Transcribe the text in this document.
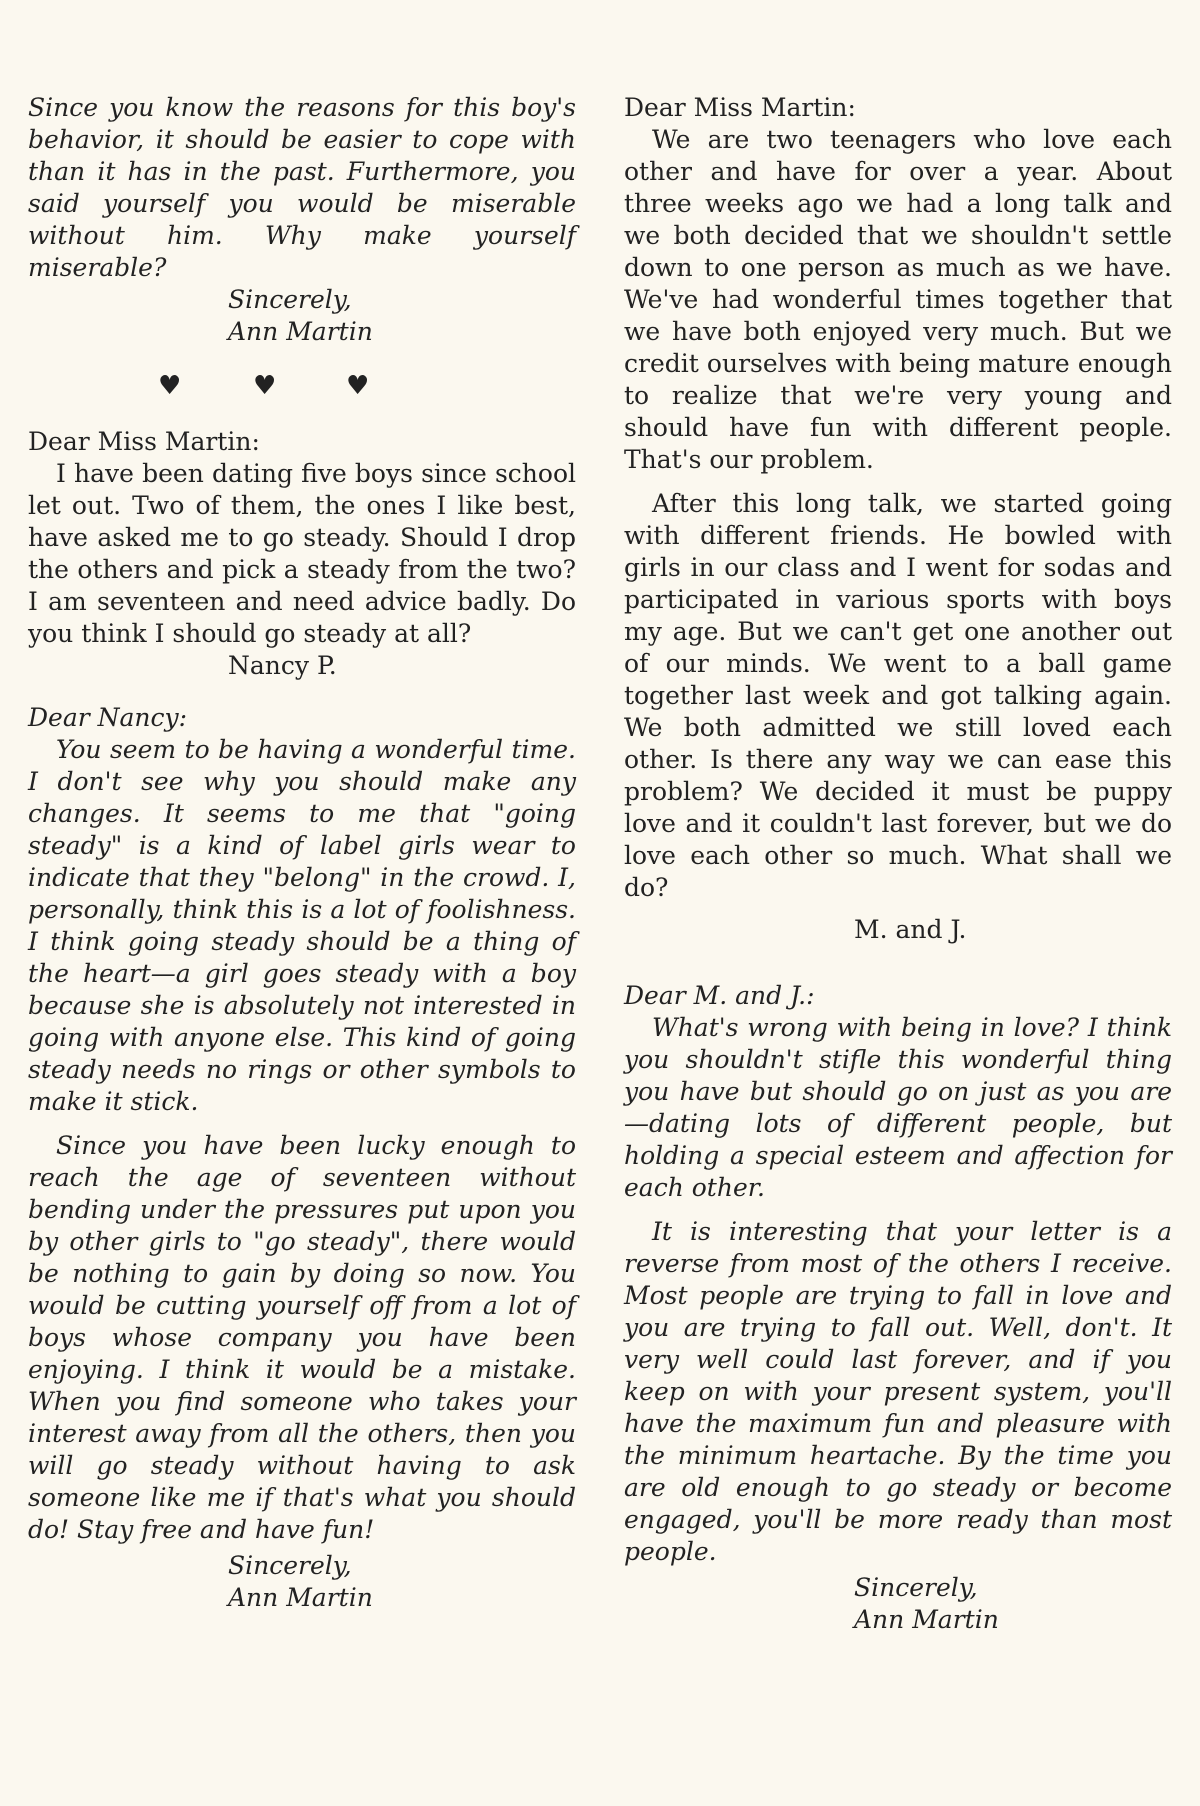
Since you know the reasons for this boy's behavior, it should be easier to cope with than it has in the past. Furthermore, you said yourself you would be miserable without him. Why make yourself miserable?

Sincerely,

Ann Martin

♥	♥	♥

Dear Miss Martin:

I have been dating five boys since school let out. Two of them, the ones I like best, have asked me to go steady. Should I drop the others and pick a steady from the two? I am seventeen and need advice badly. Do you think I should go steady at all?

Nancy P.

Dear Nancy:

You seem to be having a wonderful time. I don't see why you should make any changes. It seems to me that "going steady" is a kind of label girls wear to indicate that they "belong" in the crowd. I, personally, think this is a lot of foolishness. I think going steady should be a thing of the heart—a girl goes steady with a boy because she is absolutely not interested in going with anyone else. This kind of going steady needs no rings or other symbols to make it stick.

Since you have been lucky enough to reach the age of seventeen without bending under the pressures put upon you by other girls to "go steady", there would be nothing to gain by doing so now. You would be cutting yourself off from a lot of boys whose company you have been enjoying. I think it would be a mistake. When you find someone who takes your interest away from all the others, then you will go steady without having to ask someone like me if that's what you should do! Stay free and have fun!

Sincerely,

Ann Martin

Dear Miss Martin:

We are two teenagers who love each other and have for over a year. About three weeks ago we had a long talk and we both decided that we shouldn't settle down to one person as much as we have. We've had wonderful times together that we have both enjoyed very much. But we credit ourselves with being mature enough to realize that we're very young and should have fun with different people. That's our problem.

After this long talk, we started going with different friends. He bowled with girls in our class and I went for sodas and participated in various sports with boys my age. But we can't get one another out of our minds. We went to a ball game together last week and got talking again. We both admitted we still loved each other. Is there any way we can ease this problem? We decided it must be puppy love and it couldn't last forever, but we do love each other so much. What shall we do?

M. and J.

Dear M. and J.:

What's wrong with being in love? I think you shouldn't stifle this wonderful thing you have but should go on just as you are—dating lots of different people, but holding a special esteem and affection for each other.

It is interesting that your letter is a reverse from most of the others I receive. Most people are trying to fall in love and you are trying to fall out. Well, don't. It very well could last forever, and if you keep on with your present system, you'll have the maximum fun and pleasure with the minimum heartache. By the time you are old enough to go steady or become engaged, you'll be more ready than most people.

Sincerely,

Ann Martin
